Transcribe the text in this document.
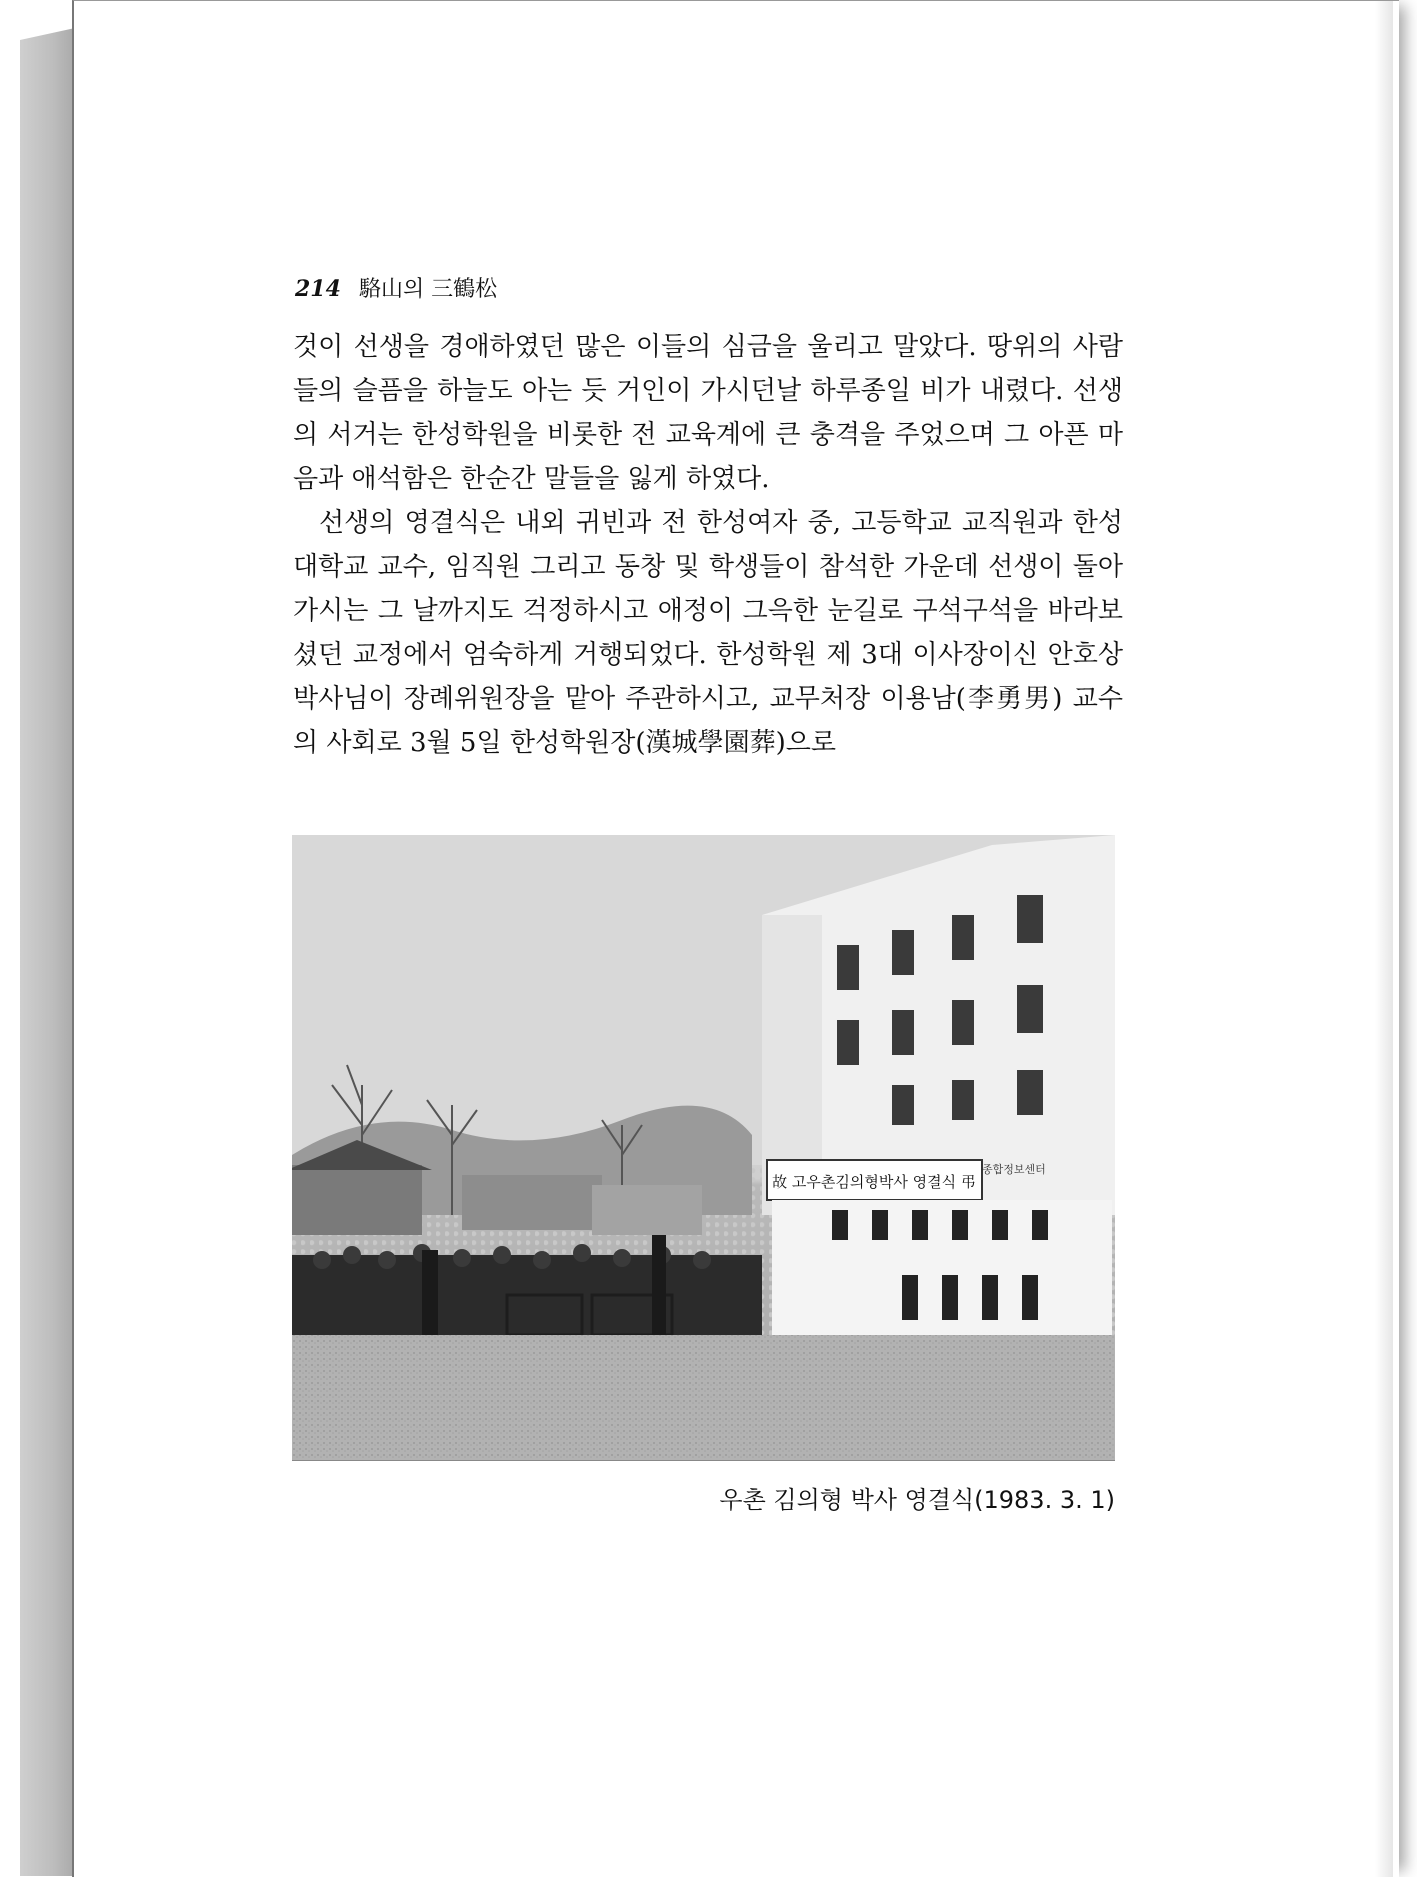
214 駱山의 三鶴松

것이 선생을 경애하였던 많은 이들의 심금을 울리고 말았다. 땅위의 사람들의 슬픔을 하늘도 아는 듯 거인이 가시던날 하루종일 비가 내렸다. 선생의 서거는 한성학원을 비롯한 전 교육계에 큰 충격을 주었으며 그 아픈 마음과 애석함은 한순간 말들을 잃게 하였다.

선생의 영결식은 내외 귀빈과 전 한성여자 중, 고등학교 교직원과 한성대학교 교수, 임직원 그리고 동창 및 학생들이 참석한 가운데 선생이 돌아가시는 그 날까지도 걱정하시고 애정이 그윽한 눈길로 구석구석을 바라보셨던 교정에서 엄숙하게 거행되었다. 한성학원 제 3대 이사장이신 안호상 박사님이 장례위원장을 맡아 주관하시고, 교무처장 이용남(李勇男) 교수의 사회로 3월 5일 한성학원장(漢城學園葬)으로

故 고우촌김의형박사 영결식 弔
종합정보센터
우촌 김의형 박사 영결식(1983. 3. 1)
